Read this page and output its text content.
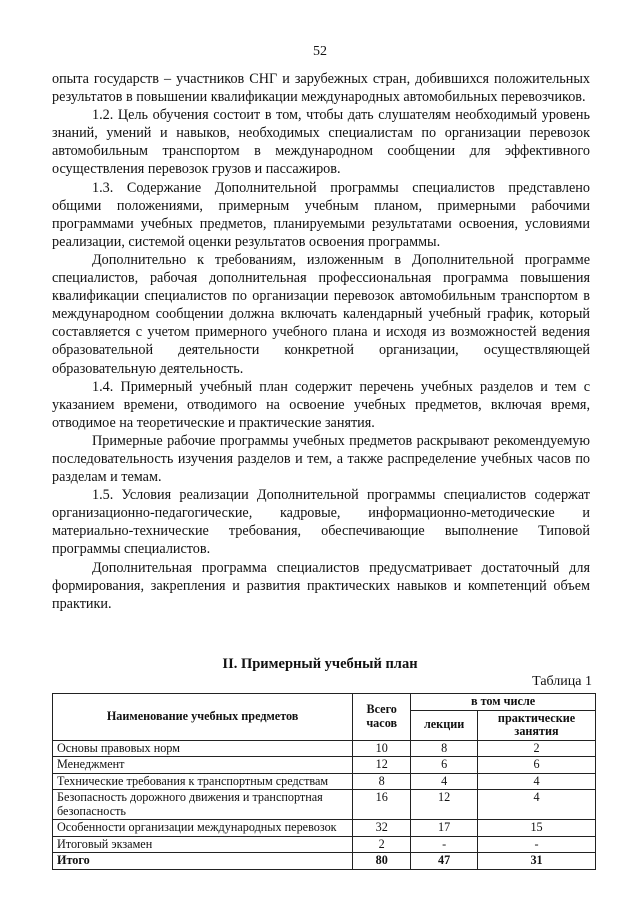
52

опыта государств – участников СНГ и зарубежных стран, добившихся положительных результатов в повышении квалификации международных автомобильных перевозчиков.

1.2. Цель обучения состоит в том, чтобы дать слушателям необходимый уровень знаний, умений и навыков, необходимых специалистам по организации перевозок автомобильным транспортом в международном сообщении для эффективного осуществления перевозок грузов и пассажиров.

1.3. Содержание Дополнительной программы специалистов представлено общими положениями, примерным учебным планом, примерными рабочими программами учебных предметов, планируемыми результатами освоения, условиями реализации, системой оценки результатов освоения программы.

Дополнительно к требованиям, изложенным в Дополнительной программе специалистов, рабочая дополнительная профессиональная программа повышения квалификации специалистов по организации перевозок автомобильным транспортом в международном сообщении должна включать календарный учебный график, который составляется с учетом примерного учебного плана и исходя из возможностей ведения образовательной деятельности конкретной организации, осуществляющей образовательную деятельность.

1.4. Примерный учебный план содержит перечень учебных разделов и тем с указанием времени, отводимого на освоение учебных предметов, включая время, отводимое на теоретические и практические занятия.

Примерные рабочие программы учебных предметов раскрывают рекомендуемую последовательность изучения разделов и тем, а также распределение учебных часов по разделам и темам.

1.5. Условия реализации Дополнительной программы специалистов содержат организационно-педагогические, кадровые, информационно-методические и материально-технические требования, обеспечивающие выполнение Типовой программы специалистов.

Дополнительная программа специалистов предусматривает достаточный для формирования, закрепления и развития практических навыков и компетенций объем практики.

II. Примерный учебный план
Таблица 1
Наименование учебных предметов	Всего часов	в том числе	
		лекции	практические занятия
Основы правовых норм	10	8	2
Менеджмент	12	6	6
Технические требования к транспортным средствам	8	4	4
Безопасность дорожного движения и транспортная безопасность	16	12	4
Особенности организации международных перевозок	32	17	15
Итоговый экзамен	2	-	-
Итого	80	47	31
